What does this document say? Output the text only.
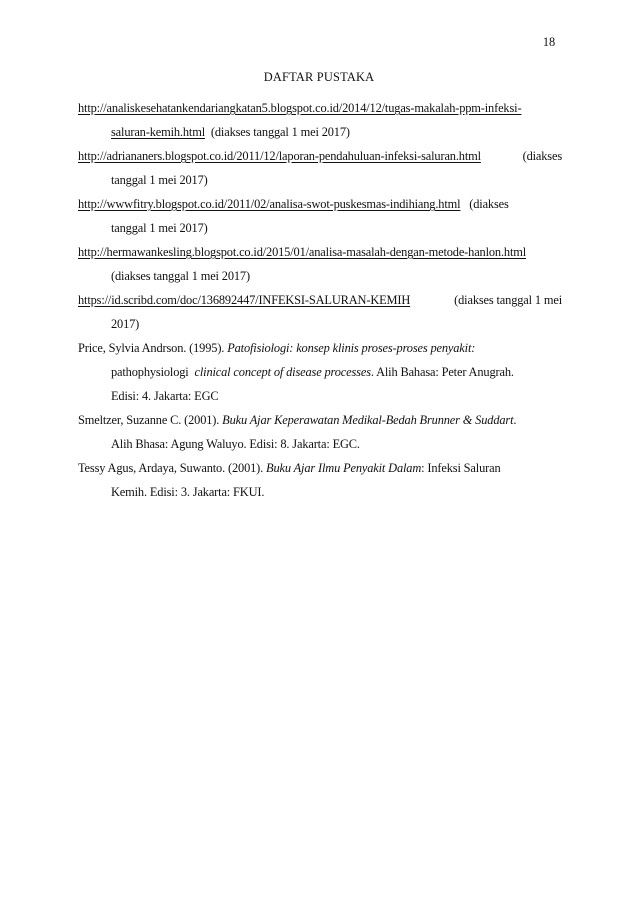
18
DAFTAR PUSTAKA
http://analiskesehatankendariangkatan5.blogspot.co.id/2014/12/tugas-makalah-ppm-infeksi-
saluran-kemih.html (diakses tanggal 1 mei 2017)
http://adriananers.blogspot.co.id/2011/12/laporan-pendahuluan-infeksi-saluran.html	(diakses
tanggal 1 mei 2017)
http://wwwfitry.blogspot.co.id/2011/02/analisa-swot-puskesmas-indihiang.html (diakses
tanggal 1 mei 2017)
http://hermawankesling.blogspot.co.id/2015/01/analisa-masalah-dengan-metode-hanlon.html
(diakses tanggal 1 mei 2017)
https://id.scribd.com/doc/136892447/INFEKSI-SALURAN-KEMIH	(diakses tanggal 1 mei
2017)
Price, Sylvia Andrson. (1995). Patofisiologi: konsep klinis proses-proses penyakit:
pathophysiologi clinical concept of disease processes. Alih Bahasa: Peter Anugrah.
Edisi: 4. Jakarta: EGC
Smeltzer, Suzanne C. (2001). Buku Ajar Keperawatan Medikal-Bedah Brunner & Suddart.
Alih Bhasa: Agung Waluyo. Edisi: 8. Jakarta: EGC.
Tessy Agus, Ardaya, Suwanto. (2001). Buku Ajar Ilmu Penyakit Dalam: Infeksi Saluran
Kemih. Edisi: 3. Jakarta: FKUI.
